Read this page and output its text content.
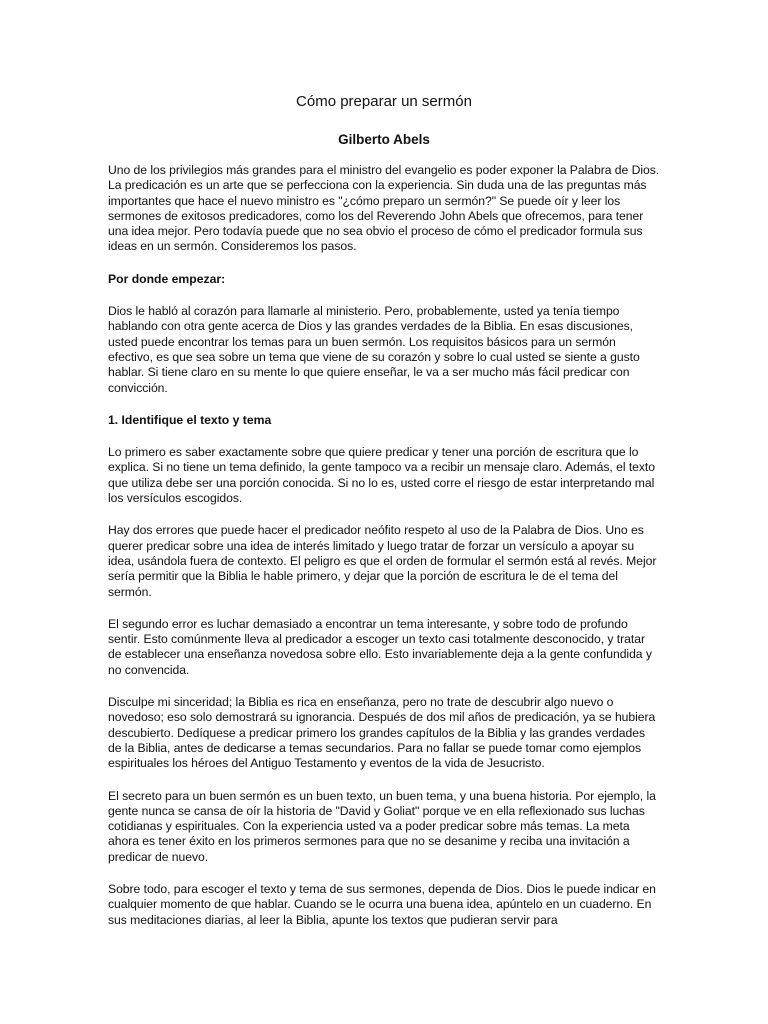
Cómo preparar un sermón
Gilberto Abels

Uno de los privilegios más grandes para el ministro del evangelio es poder exponer la Palabra de Dios. La predicación es un arte que se perfecciona con la experiencia. Sin duda una de las preguntas más importantes que hace el nuevo ministro es "¿cómo preparo un sermón?" Se puede oír y leer los sermones de exitosos predicadores, como los del Reverendo John Abels que ofrecemos, para tener una idea mejor. Pero todavía puede que no sea obvio el proceso de cómo el predicador formula sus ideas en un sermón. Consideremos los pasos.

Por donde empezar:

Dios le habló al corazón para llamarle al ministerio. Pero, probablemente, usted ya tenía tiempo hablando con otra gente acerca de Dios y las grandes verdades de la Biblia. En esas discusiones, usted puede encontrar los temas para un buen sermón. Los requisitos básicos para un sermón efectivo, es que sea sobre un tema que viene de su corazón y sobre lo cual usted se siente a gusto hablar. Si tiene claro en su mente lo que quiere enseñar, le va a ser mucho más fácil predicar con convicción.

1. Identifique el texto y tema

Lo primero es saber exactamente sobre que quiere predicar y tener una porción de escritura que lo explica. Si no tiene un tema definido, la gente tampoco va a recibir un mensaje claro. Además, el texto que utiliza debe ser una porción conocida. Si no lo es, usted corre el riesgo de estar interpretando mal los versículos escogidos.

Hay dos errores que puede hacer el predicador neófito respeto al uso de la Palabra de Dios. Uno es querer predicar sobre una idea de interés limitado y luego tratar de forzar un versículo a apoyar su idea, usándola fuera de contexto. El peligro es que el orden de formular el sermón está al revés. Mejor sería permitir que la Biblia le hable primero, y dejar que la porción de escritura le de el tema del sermón.

El segundo error es luchar demasiado a encontrar un tema interesante, y sobre todo de profundo sentir. Esto comúnmente lleva al predicador a escoger un texto casi totalmente desconocido, y tratar de establecer una enseñanza novedosa sobre ello. Esto invariablemente deja a la gente confundida y no convencida.

Disculpe mi sinceridad; la Biblia es rica en enseñanza, pero no trate de descubrir algo nuevo o novedoso; eso solo demostrará su ignorancia. Después de dos mil años de predicación, ya se hubiera descubierto. Dedíquese a predicar primero los grandes capítulos de la Biblia y las grandes verdades de la Biblia, antes de dedicarse a temas secundarios. Para no fallar se puede tomar como ejemplos espirituales los héroes del Antiguo Testamento y eventos de la vida de Jesucristo.

El secreto para un buen sermón es un buen texto, un buen tema, y una buena historia. Por ejemplo, la gente nunca se cansa de oír la historia de "David y Goliat" porque ve en ella reflexionado sus luchas cotidianas y espirituales. Con la experiencia usted va a poder predicar sobre más temas. La meta ahora es tener éxito en los primeros sermones para que no se desanime y reciba una invitación a predicar de nuevo.

Sobre todo, para escoger el texto y tema de sus sermones, dependa de Dios. Dios le puede indicar en cualquier momento de que hablar. Cuando se le ocurra una buena idea, apúntelo en un cuaderno. En sus meditaciones diarias, al leer la Biblia, apunte los textos que pudieran servir para
